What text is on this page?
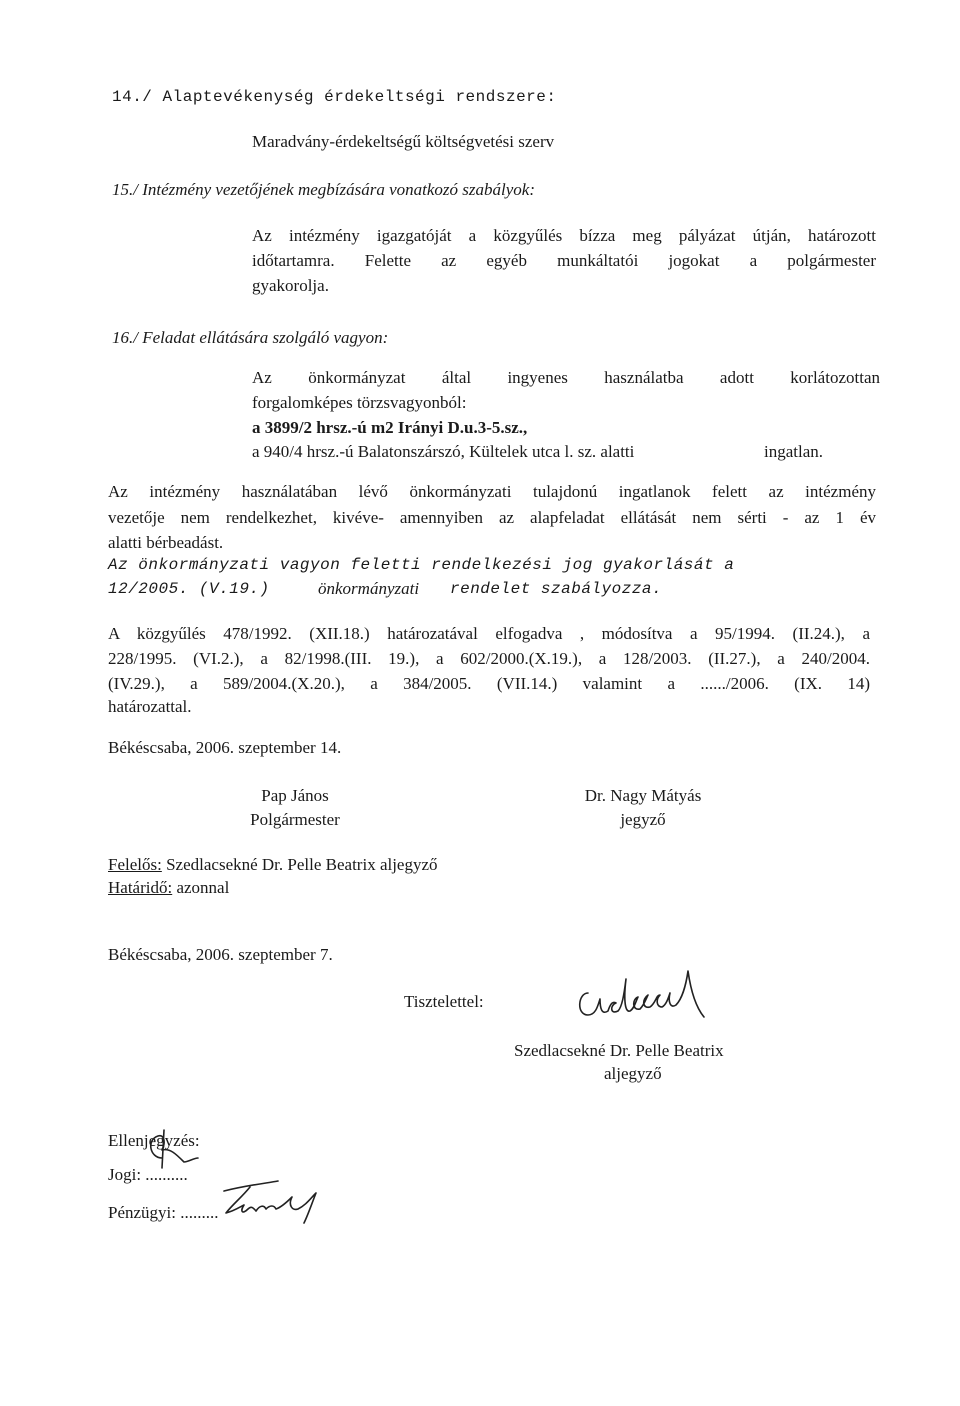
14./ Alaptevékenység érdekeltségi rendszere:
Maradvány-érdekeltségű költségvetési szerv
15./ Intézmény vezetőjének megbízására vonatkozó szabályok:
Az intézmény igazgatóját a közgyűlés bízza meg pályázat útján, határozott
időtartamra. Felette az egyéb munkáltatói jogokat a polgármester
gyakorolja.
16./ Feladat ellátására szolgáló vagyon:
Az önkormányzat által ingyenes használatba adott korlátozottan
forgalomképes törzsvagyonból:
a 3899/2 hrsz.-ú m2 Irányi D.u.3-5.sz.,
a 940/4 hrsz.-ú Balatonszárszó, Kültelek utca l. sz. alatti	ingatlan.
Az intézmény használatában lévő önkormányzati tulajdonú ingatlanok felett az intézmény
vezetője nem rendelkezhet, kivéve- amennyiben az alapfeladat ellátását nem sérti - az 1 év
alatti bérbeadást.
Az önkormányzati vagyon feletti rendelkezési jog gyakorlását a
12/2005. (V.19.)	önkormányzati rendelet szabályozza.
A közgyűlés 478/1992. (XII.18.) határozatával elfogadva , módosítva a 95/1994. (II.24.), a
228/1995. (VI.2.), a 82/1998.(III. 19.), a 602/2000.(X.19.), a 128/2003. (II.27.), a 240/2004.
(IV.29.), a 589/2004.(X.20.), a 384/2005. (VII.14.) valamint a ....../2006. (IX. 14)
határozattal.
Békéscsaba, 2006. szeptember 14.
Pap János
Polgármester
Dr. Nagy Mátyás
jegyző
Felelős: Szedlacsekné Dr. Pelle Beatrix aljegyző
Határidő: azonnal
Békéscsaba, 2006. szeptember 7.
Tisztelettel:
Szedlacsekné Dr. Pelle Beatrix
aljegyző
Ellenjegyzés:
Jogi: ..........
Pénzügyi: .........
